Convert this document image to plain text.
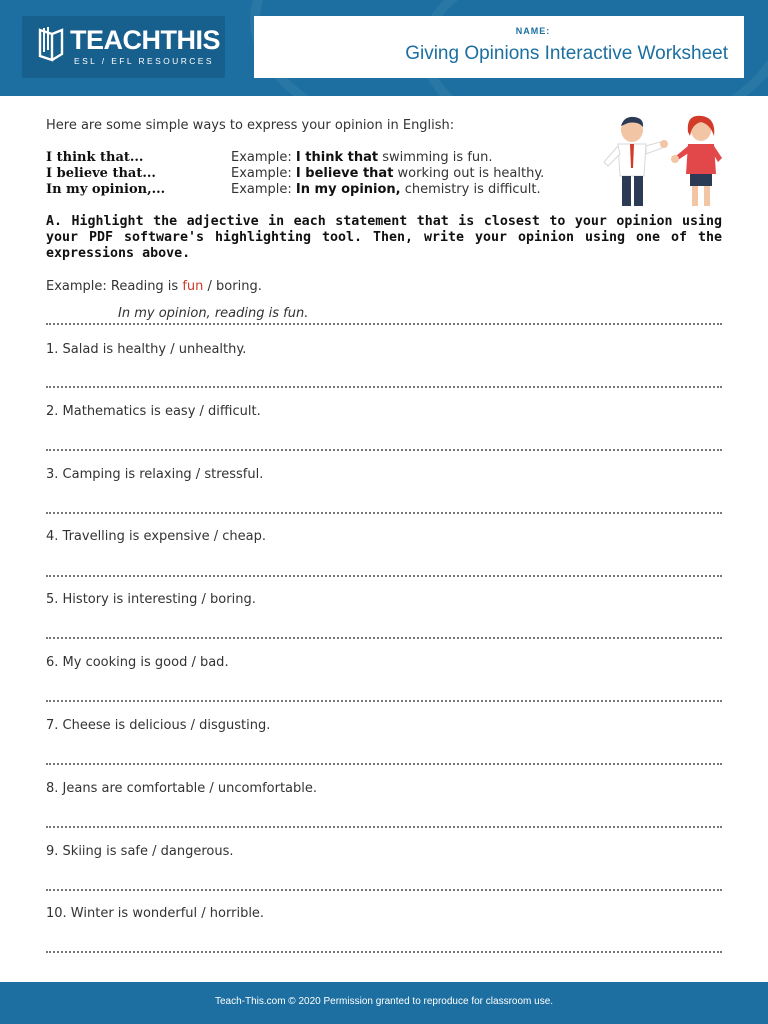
TEACHTHIS
ESL / EFL RESOURCES
NAME:
Giving Opinions Interactive Worksheet
Here are some simple ways to express your opinion in English:
I think that...	Example: I think that swimming is fun.
I believe that...	Example: I believe that working out is healthy.
In my opinion,...	Example: In my opinion, chemistry is difficult.
A. Highlight the adjective in each statement that is closest to your opinion using your PDF software's highlighting tool. Then, write your opinion using one of the expressions above.
Example: Reading is fun / boring.
In my opinion, reading is fun.
1. Salad is healthy / unhealthy.
2. Mathematics is easy / difficult.
3. Camping is relaxing / stressful.
4. Travelling is expensive / cheap.
5. History is interesting / boring.
6. My cooking is good / bad.
7. Cheese is delicious / disgusting.
8. Jeans are comfortable / uncomfortable.
9. Skiing is safe / dangerous.
10. Winter is wonderful / horrible.
Teach-This.com © 2020 Permission granted to reproduce for classroom use.
